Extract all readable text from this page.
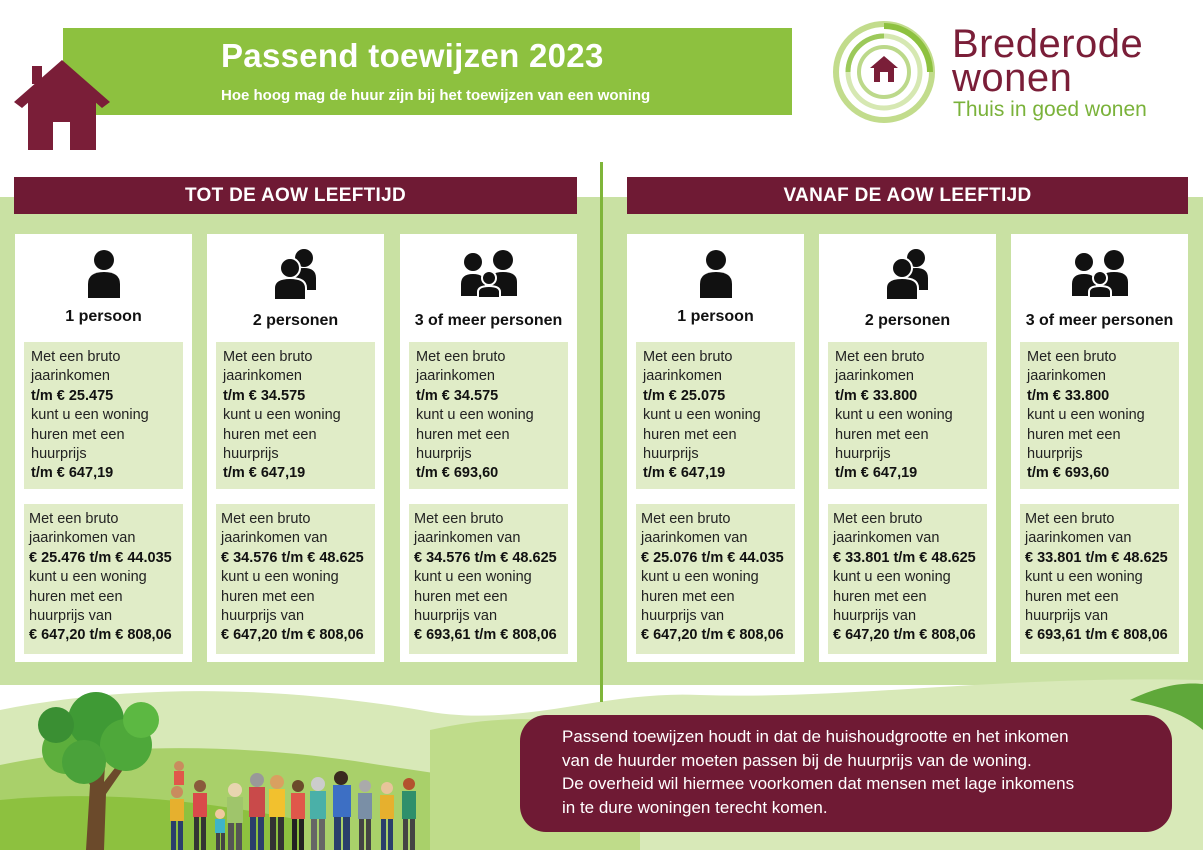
Passend toewijzen 2023
Hoe hoog mag de huur zijn bij het toewijzen van een woning
Brederode
wonen
Thuis in goed wonen
TOT DE AOW LEEFTIJD	VANAF DE AOW LEEFTIJD
1 persoon
Met een bruto
jaarinkomen
t/m € 25.475
kunt u een woning
huren met een
huurprijs
t/m € 647,19
Met een bruto
jaarinkomen van
€ 25.476 t/m € 44.035
kunt u een woning
huren met een
huurprijs van
€ 647,20 t/m € 808,06
2 personen
Met een bruto
jaarinkomen
t/m € 34.575
kunt u een woning
huren met een
huurprijs
t/m € 647,19
Met een bruto
jaarinkomen van
€ 34.576 t/m € 48.625
kunt u een woning
huren met een
huurprijs van
€ 647,20 t/m € 808,06
3 of meer personen
Met een bruto
jaarinkomen
t/m € 34.575
kunt u een woning
huren met een
huurprijs
t/m € 693,60
Met een bruto
jaarinkomen van
€ 34.576 t/m € 48.625
kunt u een woning
huren met een
huurprijs van
€ 693,61 t/m € 808,06
1 persoon
Met een bruto
jaarinkomen
t/m € 25.075
kunt u een woning
huren met een
huurprijs
t/m € 647,19
Met een bruto
jaarinkomen van
€ 25.076 t/m € 44.035
kunt u een woning
huren met een
huurprijs van
€ 647,20 t/m € 808,06
2 personen
Met een bruto
jaarinkomen
t/m € 33.800
kunt u een woning
huren met een
huurprijs
t/m € 647,19
Met een bruto
jaarinkomen van
€ 33.801 t/m € 48.625
kunt u een woning
huren met een
huurprijs van
€ 647,20 t/m € 808,06
3 of meer personen
Met een bruto
jaarinkomen
t/m € 33.800
kunt u een woning
huren met een
huurprijs
t/m € 693,60
Met een bruto
jaarinkomen van
€ 33.801 t/m € 48.625
kunt u een woning
huren met een
huurprijs van
€ 693,61 t/m € 808,06
Passend toewijzen houdt in dat de huishoudgrootte en het inkomen
van de huurder moeten passen bij de huurprijs van de woning.
De overheid wil hiermee voorkomen dat mensen met lage inkomens
in te dure woningen terecht komen.
